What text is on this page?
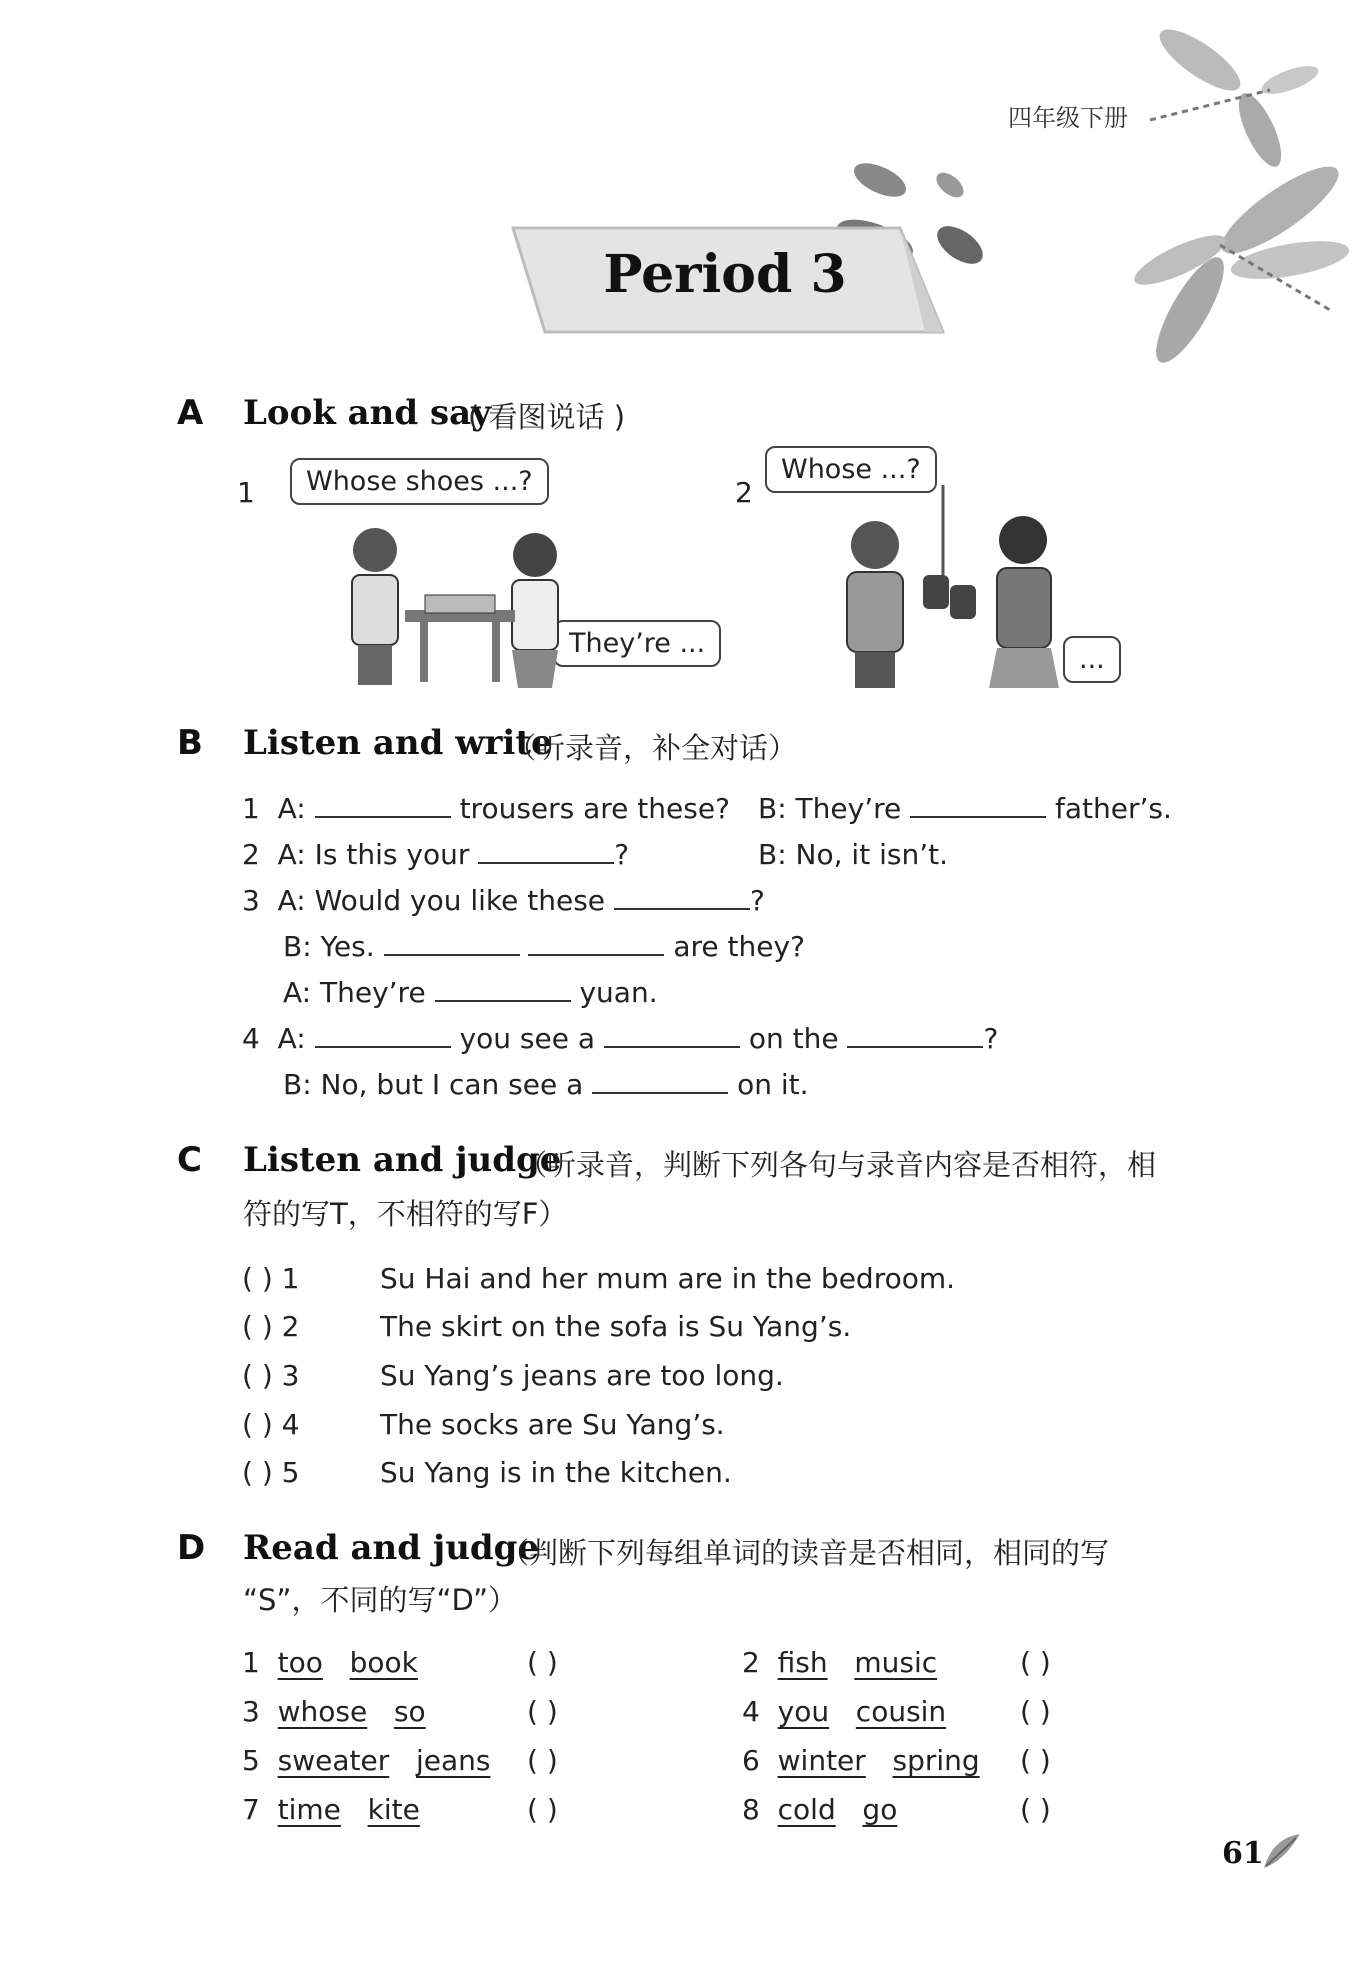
四年级下册
Period 3
A Look and say
( 看图说话 )
1	Whose shoes ...?
They’re ...
2
Whose ...?
...
B Listen and write
（听录音，补全对话）
1 A:	trousers are these? B: They’re	father’s.
2 A: Is this your	?	B: No, it isn’t.
3 A: Would you like these	?
B: Yes.	are they?
A: They’re	yuan.
4 A:	you see a	on the	?
B: No, but I can see a	on it.
C Listen and judge
（听录音，判断下列各句与录音内容是否相符，相
符的写T，不相符的写F）
( ) 1	Su Hai and her mum are in the bedroom.
( ) 2	The skirt on the sofa is Su Yang’s.
( ) 3	Su Yang’s jeans are too long.
( ) 4	The socks are Su Yang’s.
( ) 5	Su Yang is in the kitchen.
D Read and judge
（判断下列每组单词的读音是否相同，相同的写
“S”，不同的写“D”）
1 too book	( )
3 whose so	( )
5 sweater jeans ( )
7 time kite	( )
2 fish music	( )
4 you cousin	( )
6 winter spring ( )
8 cold go	( )
61
